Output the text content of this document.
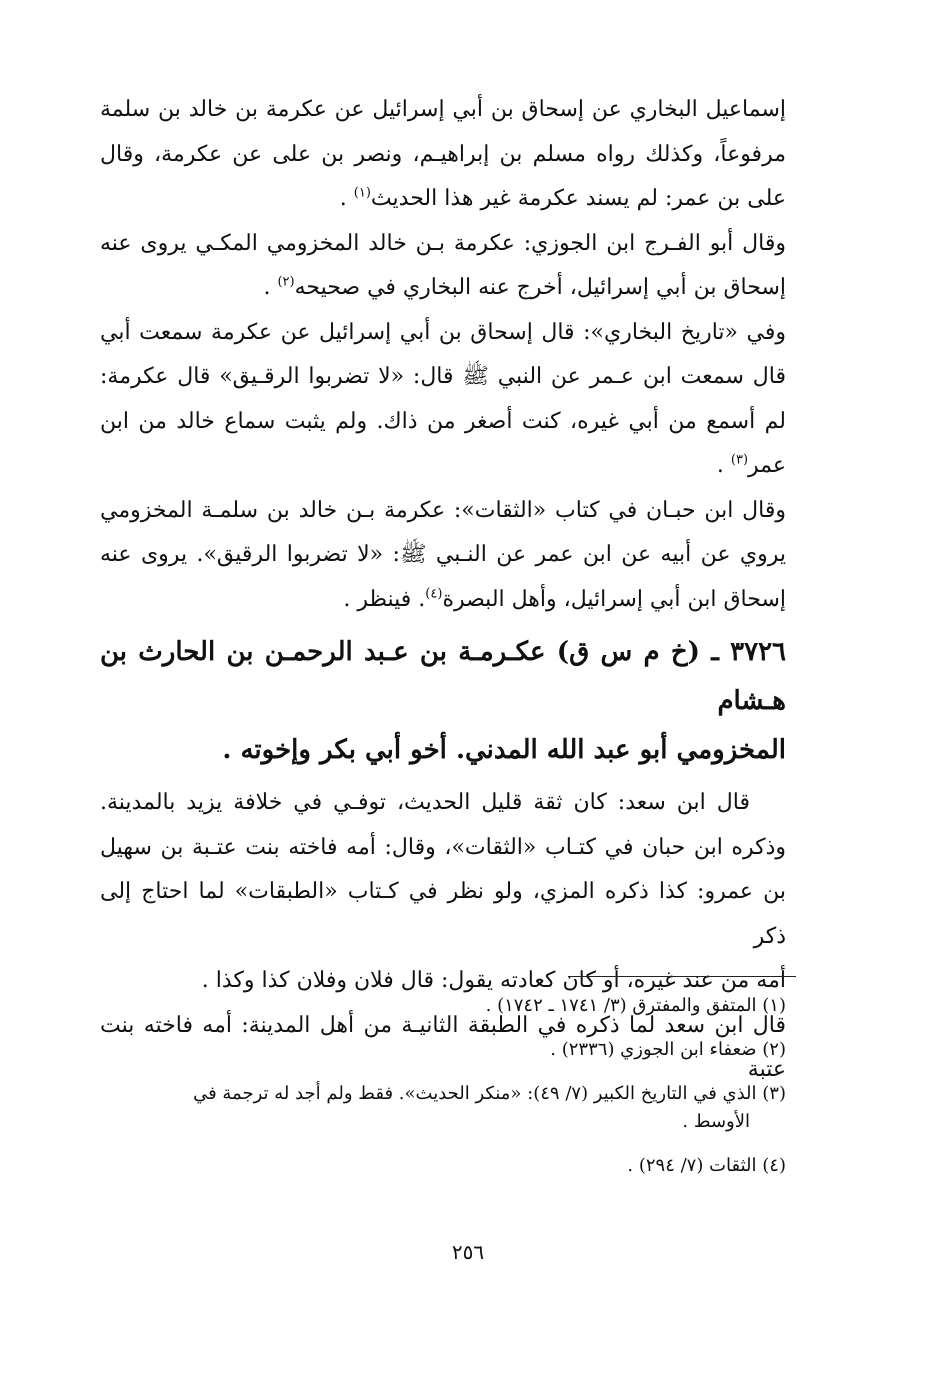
إسماعيل البخاري عن إسحاق بن أبي إسرائيل عن عكرمة بن خالد بن سلمة
مرفوعاً، وكذلك رواه مسلم بن إبراهيـم، ونصر بن على عن عكرمة، وقال
على بن عمر: لم يسند عكرمة غير هذا الحديث$^{(١)}$ .

وقال أبو الفـرج ابن الجوزي: عكرمة بـن خالد المخزومي المكـي يروى عنه
إسحاق بن أبي إسرائيل، أخرج عنه البخاري في صحيحه$^{(٢)}$ .

وفي «تاريخ البخاري»: قال إسحاق بن أبي إسرائيل عن عكرمة سمعت أبي
قال سمعت ابن عـمر عن النبي ﷺ قال: «لا تضربوا الرقـيق» قال عكرمة:
لم أسمع من أبي غيره، كنت أصغر من ذاك. ولم يثبت سماع خالد من ابن
عمر$^{(٣)}$ .

وقال ابن حبـان في كتاب «الثقات»: عكرمة بـن خالد بن سلمـة المخزومي
يروي عن أبيه عن ابن عمر عن النـبي ﷺ: «لا تضربوا الرقيق». يروى عنه
إسحاق ابن أبي إسرائيل، وأهل البصرة$^{(٤)}$. فينظر .

٣٧٢٦ ـ (خ م س ق) عكـرمـة بن عـبد الرحمـن بن الحارث بن هـشام
المخزومي أبو عبد الله المدني. أخو أبي بكر وإخوته .

قال ابن سعد: كان ثقة قليل الحديث، توفـي في خلافة يزيد بالمدينة.
وذكره ابن حبان في كتـاب «الثقات»، وقال: أمه فاخته بنت عتـبة بن سهيل
بن عمرو: كذا ذكره المزي، ولو نظر في كـتاب «الطبقات» لما احتاج إلى ذكر
أمه من عند غيره، أو كان كعادته يقول: قال فلان وفلان كذا وكذا .

قال ابن سعد لما ذكره في الطبقة الثانيـة من أهل المدينة: أمه فاخته بنت عتبة

(١) المتفق والمفترق (٣/ ١٧٤١ ـ ١٧٤٢) .

(٢) ضعفاء ابن الجوزي (٢٣٣٦) .

(٣) الذي في التاريخ الكبير (٧/ ٤٩): «منكر الحديث». فقط ولم أجد له ترجمة في
الأوسط .

(٤) الثقات (٧/ ٢٩٤) .

٢٥٦
